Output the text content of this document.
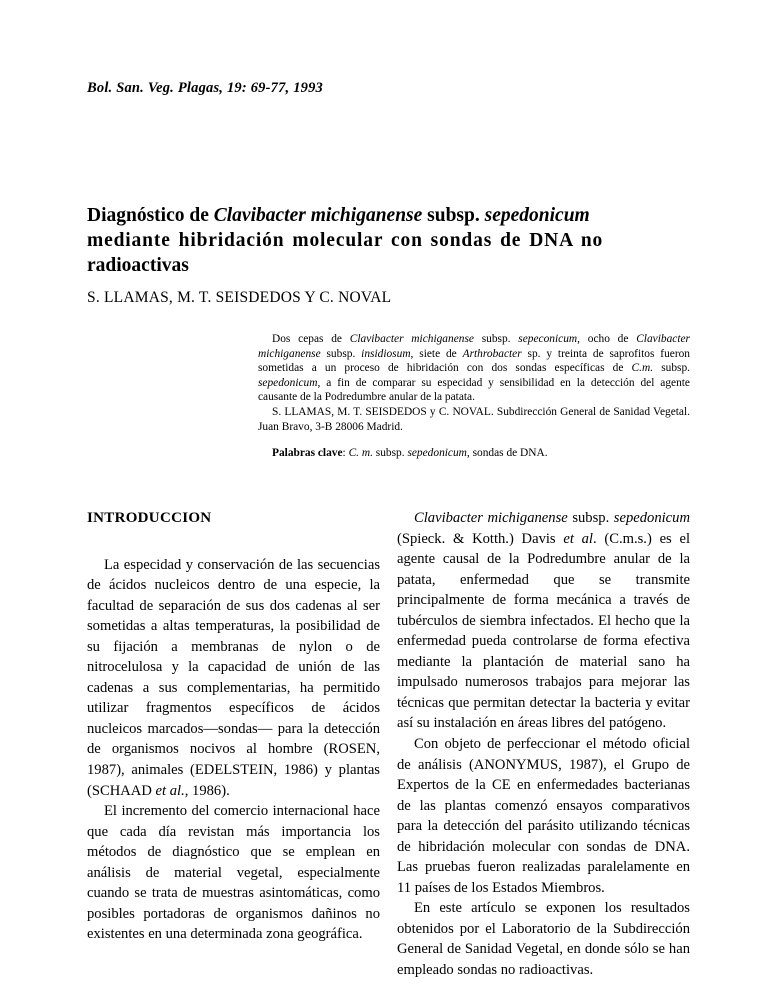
Bol. San. Veg. Plagas, 19: 69-77, 1993
Diagnóstico de Clavibacter michiganense subsp. sepedonicum
mediante hibridación molecular con sondas de DNA no
radioactivas
S. LLAMAS, M. T. SEISDEDOS Y C. NOVAL

Dos cepas de Clavibacter michiganense subsp. sepeconicum, ocho de Clavibacter michiganense subsp. insidiosum, siete de Arthrobacter sp. y treinta de saprofitos fueron sometidas a un proceso de hibridación con dos sondas específicas de C.m. subsp. sepedonicum, a fin de comparar su especidad y sensibilidad en la detección del agente causante de la Podredumbre anular de la patata.

S. LLAMAS, M. T. SEISDEDOS y C. NOVAL. Subdirección General de Sanidad Vegetal. Juan Bravo, 3-B 28006 Madrid.

Palabras clave: C. m. subsp. sepedonicum, sondas de DNA.

INTRODUCCION

La especidad y conservación de las secuencias de ácidos nucleicos dentro de una especie, la facultad de separación de sus dos cadenas al ser sometidas a altas temperaturas, la posibilidad de su fijación a membranas de nylon o de nitrocelulosa y la capacidad de unión de las cadenas a sus complementarias, ha permitido utilizar fragmentos específicos de ácidos nucleicos marcados—sondas— para la detección de organismos nocivos al hombre (ROSEN, 1987), animales (EDELSTEIN, 1986) y plantas (SCHAAD et al., 1986).

El incremento del comercio internacional hace que cada día revistan más importancia los métodos de diagnóstico que se emplean en análisis de material vegetal, especialmente cuando se trata de muestras asintomáticas, como posibles portadoras de organismos dañinos no existentes en una determinada zona geográfica.

Clavibacter michiganense subsp. sepedonicum (Spieck. & Kotth.) Davis et al. (C.m.s.) es el agente causal de la Podredumbre anular de la patata, enfermedad que se transmite principalmente de forma mecánica a través de tubérculos de siembra infectados. El hecho que la enfermedad pueda controlarse de forma efectiva mediante la plantación de material sano ha impulsado numerosos trabajos para mejorar las técnicas que permitan detectar la bacteria y evitar así su instalación en áreas libres del patógeno.

Con objeto de perfeccionar el método oficial de análisis (ANONYMUS, 1987), el Grupo de Expertos de la CE en enfermedades bacterianas de las plantas comenzó ensayos comparativos para la detección del parásito utilizando técnicas de hibridación molecular con sondas de DNA. Las pruebas fueron realizadas paralelamente en 11 países de los Estados Miembros.

En este artículo se exponen los resultados obtenidos por el Laboratorio de la Subdirección General de Sanidad Vegetal, en donde sólo se han empleado sondas no radioactivas.
